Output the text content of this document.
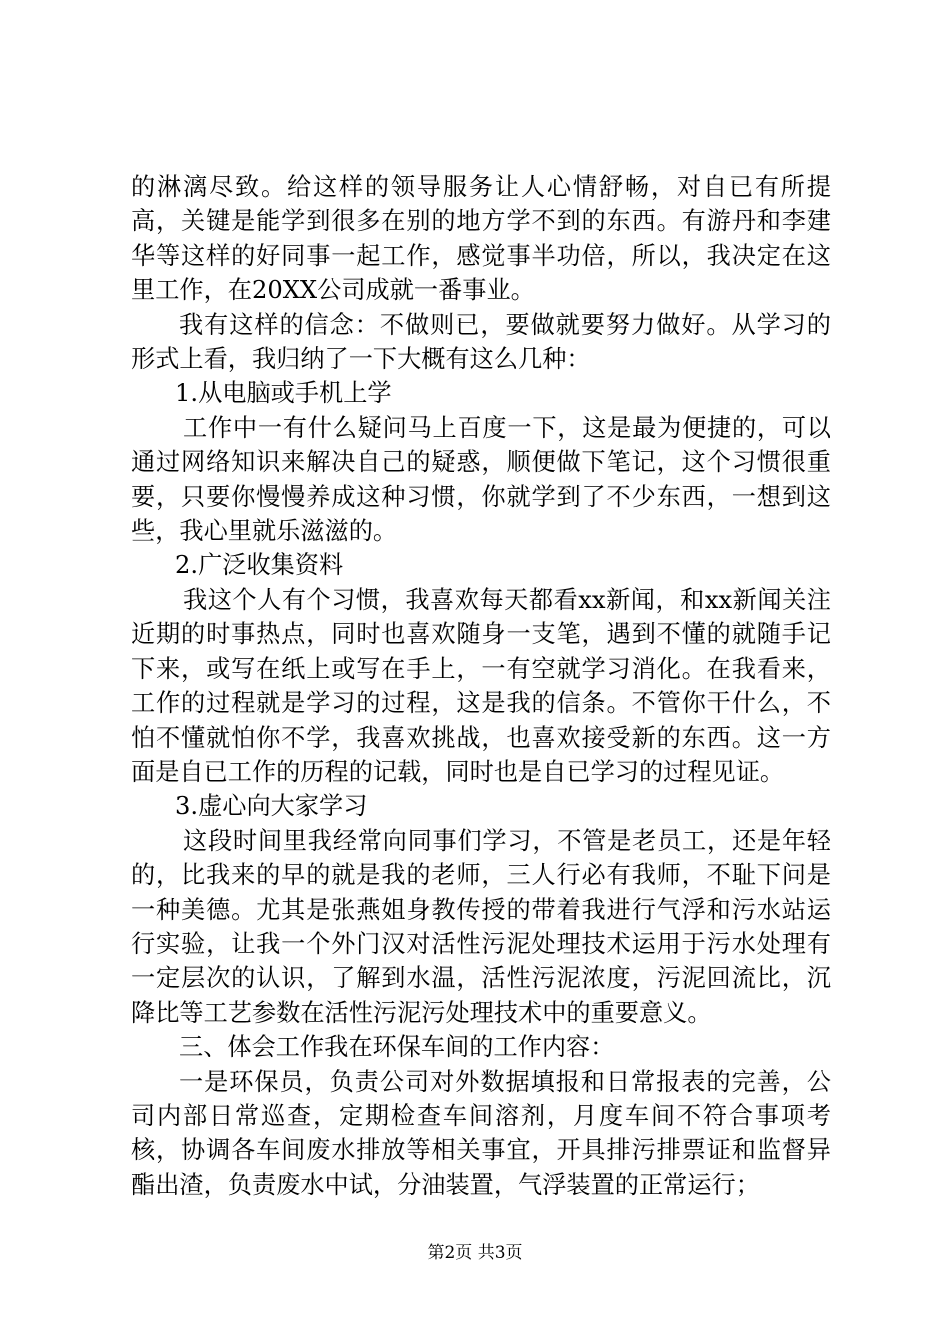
的淋漓尽致。给这样的领导服务让人心情舒畅，对自已有所提高，关键是能学到很多在别的地方学不到的东西。有游丹和李建华等这样的好同事一起工作，感觉事半功倍，所以，我决定在这里工作，在20XX公司成就一番事业。

我有这样的信念：不做则已，要做就要努力做好。从学习的形式上看，我归纳了一下大概有这么几种：

1.从电脑或手机上学

工作中一有什么疑问马上百度一下，这是最为便捷的，可以通过网络知识来解决自己的疑惑，顺便做下笔记，这个习惯很重要，只要你慢慢养成这种习惯，你就学到了不少东西，一想到这些，我心里就乐滋滋的。

2.广泛收集资料

我这个人有个习惯，我喜欢每天都看xx新闻，和xx新闻关注近期的时事热点，同时也喜欢随身一支笔，遇到不懂的就随手记下来，或写在纸上或写在手上，一有空就学习消化。在我看来，工作的过程就是学习的过程，这是我的信条。不管你干什么，不怕不懂就怕你不学，我喜欢挑战，也喜欢接受新的东西。这一方面是自已工作的历程的记载，同时也是自已学习的过程见证。

3.虚心向大家学习

这段时间里我经常向同事们学习，不管是老员工，还是年轻的，比我来的早的就是我的老师，三人行必有我师，不耻下问是一种美德。尤其是张燕姐身教传授的带着我进行气浮和污水站运行实验，让我一个外门汉对活性污泥处理技术运用于污水处理有一定层次的认识，了解到水温，活性污泥浓度，污泥回流比，沉降比等工艺参数在活性污泥污处理技术中的重要意义。

三、体会工作我在环保车间的工作内容：

一是环保员，负责公司对外数据填报和日常报表的完善，公司内部日常巡查，定期检查车间溶剂，月度车间不符合事项考核，协调各车间废水排放等相关事宜，开具排污排票证和监督异酯出渣，负责废水中试，分油装置，气浮装置的正常运行；

第2页 共3页
